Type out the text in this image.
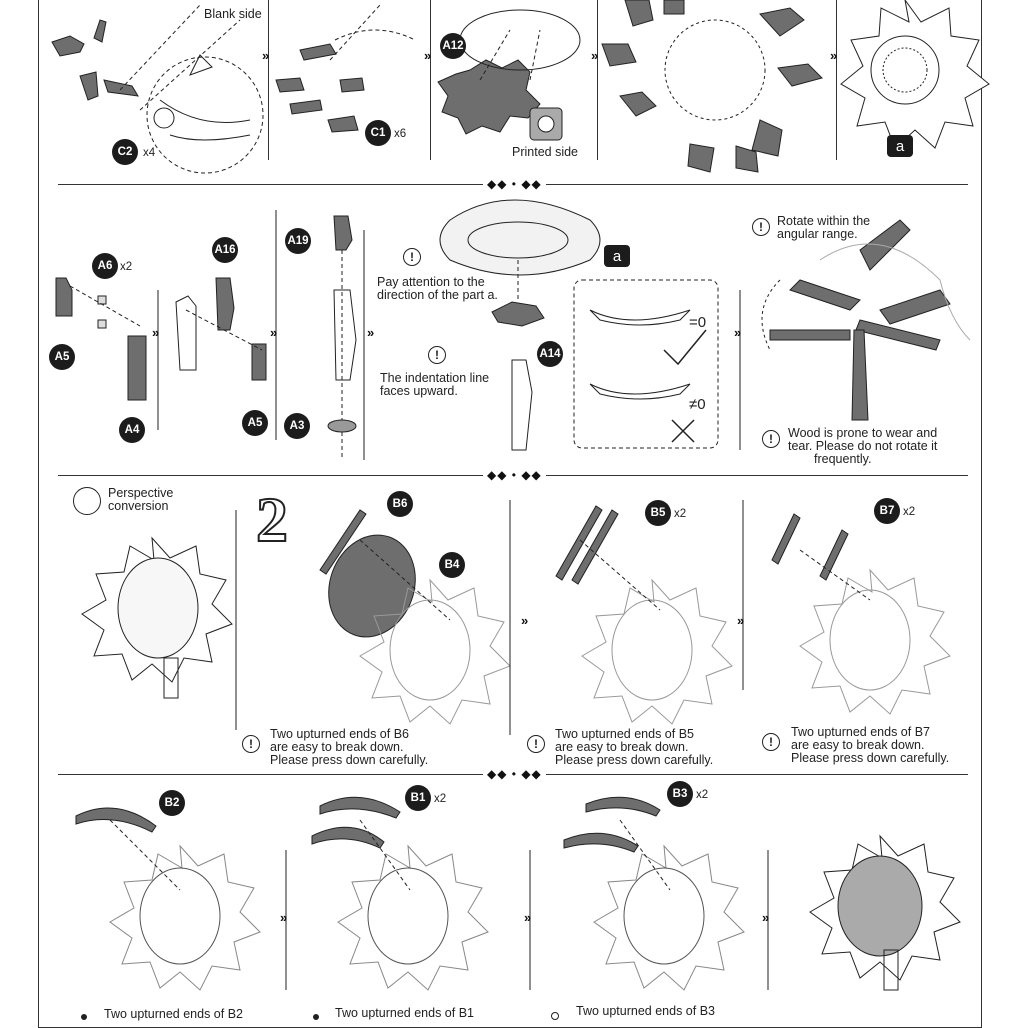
C2 x4
C1 x6
A12
Blank side
Printed side	a
»	»	»	»
◆◆ • ◆◆
A6 x2
A5
A4
A16
A5
A19
A3
A14
a
!
Pay attention to the
direction of the part a.
!
The indentation line
faces upward.
=0
≠0
!	Rotate within the
angular range.
!	Wood is prone to wear and
tear. Please do not rotate it
frequently.
»	»	»	»
◆◆ • ◆◆
Perspective
conversion 2	B6
B4
B5 x2	B7 x2
»	»
!
Two upturned ends of B6
are easy to break down.
Please press down carefully.
!
Two upturned ends of B5
are easy to break down.
Please press down carefully.
!
Two upturned ends of B7
are easy to break down.
Please press down carefully.
◆◆ • ◆◆
B2	B1 x2	B3 x2
»	»	»
Two upturned ends of B2	Two upturned ends of B1	Two upturned ends of B3
